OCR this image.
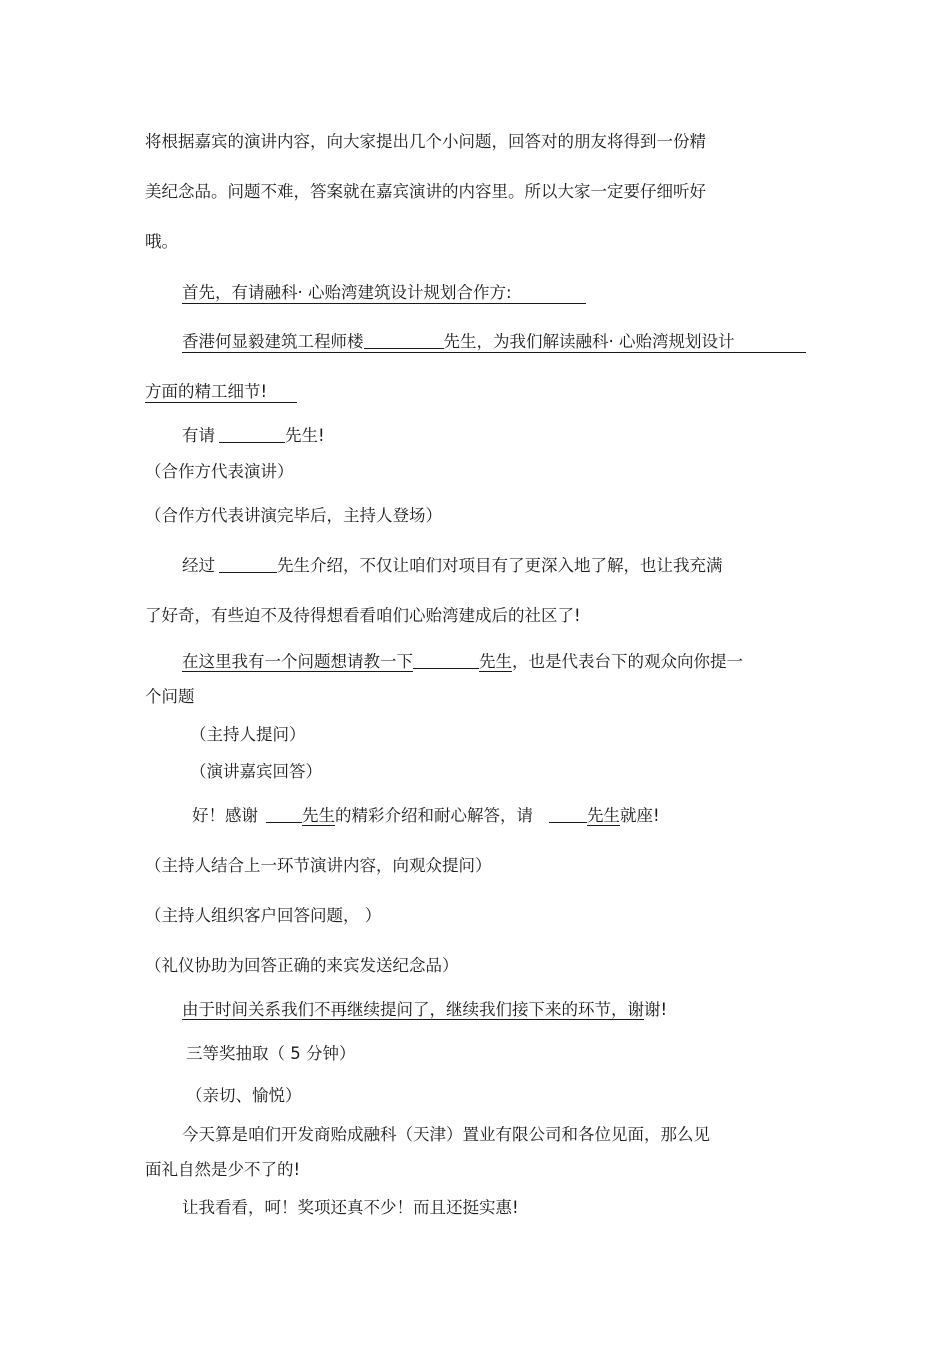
将根据嘉宾的演讲内容，向大家提出几个小问题，回答对的朋友将得到一份精
美纪念品。问题不难，答案就在嘉宾演讲的内容里。所以大家一定要仔细听好
哦。
首先，有请融科· 心贻湾建筑设计规划合作方:
香港何显毅建筑工程师楼	先生，为我们解读融科· 心贻湾规划设计
方面的精工细节!
有请	先生!
（合作方代表演讲）
（合作方代表讲演完毕后，主持人登场）
经过	先生介绍，不仅让咱们对项目有了更深入地了解，也让我充满
了好奇，有些迫不及待得想看看咱们心贻湾建成后的社区了!
在这里我有一个问题想请教一下	先生，也是代表台下的观众向你提一
个问题
（主持人提问）
（演讲嘉宾回答）
好！感谢	先生的精彩介绍和耐心解答，请	先生就座!
（主持人结合上一环节演讲内容，向观众提问）
（主持人组织客户回答问题， ）
（礼仪协助为回答正确的来宾发送纪念品）
由于时间关系我们不再继续提问了，继续我们接下来的环节，谢谢!
三等奖抽取（ 5 分钟）
（亲切、愉悦）
今天算是咱们开发商贻成融科（天津）置业有限公司和各位见面，那么见
面礼自然是少不了的!
让我看看，呵！奖项还真不少！而且还挺实惠!
